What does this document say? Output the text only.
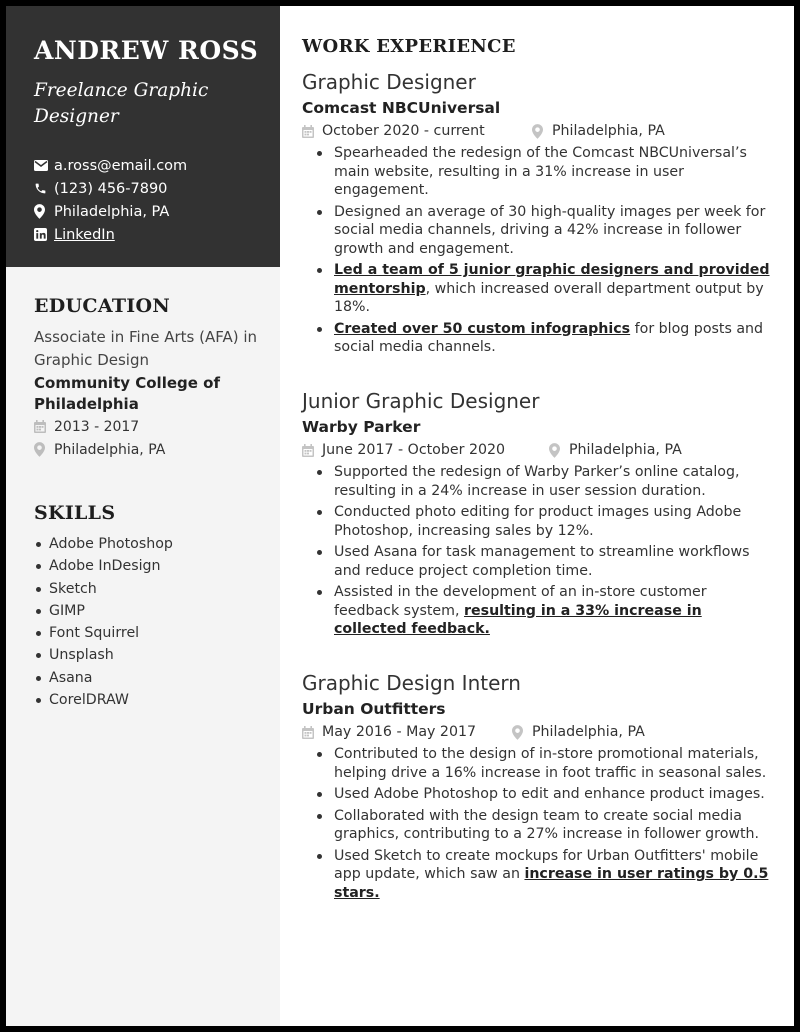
ANDREW ROSS
Freelance Graphic Designer
a.ross@email.com
(123) 456-7890
Philadelphia, PA
LinkedIn
EDUCATION
Associate in Fine Arts (AFA) in Graphic Design
Community College of Philadelphia
2013 - 2017
Philadelphia, PA
SKILLS
Adobe Photoshop
Adobe InDesign
Sketch
GIMP
Font Squirrel
Unsplash
Asana
CorelDRAW
WORK EXPERIENCE
Graphic Designer
Comcast NBCUniversal
October 2020 - current	Philadelphia, PA
Spearheaded the redesign of the Comcast NBCUniversal’s main website, resulting in a 31% increase in user engagement.
Designed an average of 30 high-quality images per week for social media channels, driving a 42% increase in follower growth and engagement.
Led a team of 5 junior graphic designers and provided mentorship, which increased overall department output by 18%.
Created over 50 custom infographics for blog posts and social media channels.
Junior Graphic Designer
Warby Parker
June 2017 - October 2020	Philadelphia, PA
Supported the redesign of Warby Parker’s online catalog, resulting in a 24% increase in user session duration.
Conducted photo editing for product images using Adobe Photoshop, increasing sales by 12%.
Used Asana for task management to streamline workflows and reduce project completion time.
Assisted in the development of an in-store customer feedback system, resulting in a 33% increase in collected feedback.
Graphic Design Intern
Urban Outfitters
May 2016 - May 2017	Philadelphia, PA
Contributed to the design of in-store promotional materials, helping drive a 16% increase in foot traffic in seasonal sales.
Used Adobe Photoshop to edit and enhance product images.
Collaborated with the design team to create social media graphics, contributing to a 27% increase in follower growth.
Used Sketch to create mockups for Urban Outfitters' mobile app update, which saw an increase in user ratings by 0.5 stars.
